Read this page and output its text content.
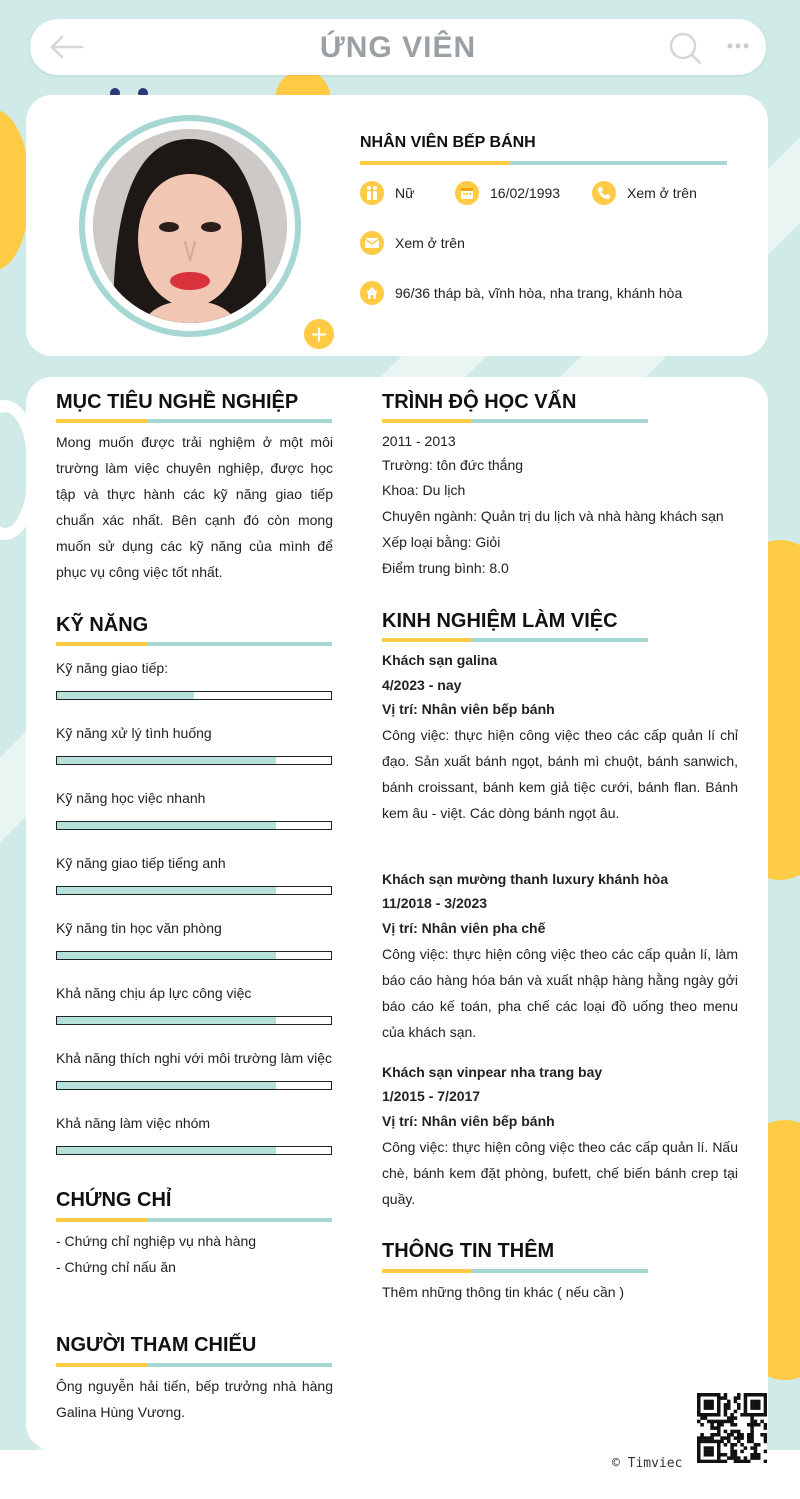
ỨNG VIÊN
+
NHÂN VIÊN BẾP BÁNH
Nữ	16/02/1993	Xem ở trên
Xem ở trên
96/36 tháp bà, vĩnh hòa, nha trang, khánh hòa
MỤC TIÊU NGHỀ NGHIỆP
Mong muốn được trải nghiệm ở một môi trường làm việc chuyên nghiệp, được học tập và thực hành các kỹ năng giao tiếp chuẩn xác nhất. Bên cạnh đó còn mong muốn sử dụng các kỹ năng của mình để phục vụ công việc tốt nhất.
KỸ NĂNG
Kỹ năng giao tiếp:
Kỹ năng xử lý tình huống
Kỹ năng học việc nhanh
Kỹ năng giao tiếp tiếng anh
Kỹ năng tin học văn phòng
Khả năng chịu áp lực công việc
Khả năng thích nghi với môi trường làm việc
Khả năng làm việc nhóm
CHỨNG CHỈ
- Chứng chỉ nghiệp vụ nhà hàng
- Chứng chỉ nấu ăn
NGƯỜI THAM CHIẾU
Ông nguyễn hải tiến, bếp trưởng nhà hàng Galina Hùng Vương.
TRÌNH ĐỘ HỌC VẤN
2011 - 2013
Trường: tôn đức thắng
Khoa: Du lịch
Chuyên ngành: Quản trị du lịch và nhà hàng khách sạn
Xếp loại bằng: Giỏi
Điểm trung bình: 8.0
KINH NGHIỆM LÀM VIỆC
Khách sạn galina
4/2023 - nay
Vị trí: Nhân viên bếp bánh
Công việc: thực hiện công việc theo các cấp quản lí chỉ đạo. Sản xuất bánh ngọt, bánh mì chuột, bánh sanwich, bánh croissant, bánh kem giả tiệc cưới, bánh flan. Bánh kem âu - việt. Các dòng bánh ngọt âu.
Khách sạn mường thanh luxury khánh hòa
11/2018 - 3/2023
Vị trí: Nhân viên pha chế
Công việc: thực hiện công việc theo các cấp quản lí, làm báo cáo hàng hóa bán và xuất nhập hàng hằng ngày gởi báo cáo kế toán, pha chế các loại đồ uống theo menu của khách sạn.
Khách sạn vinpear nha trang bay
1/2015 - 7/2017
Vị trí: Nhân viên bếp bánh
Công việc: thực hiện công việc theo các cấp quản lí. Nấu chè, bánh kem đặt phòng, bufett, chế biến bánh crep tại quầy.
THÔNG TIN THÊM
Thêm những thông tin khác ( nếu cần )
© Timviec
